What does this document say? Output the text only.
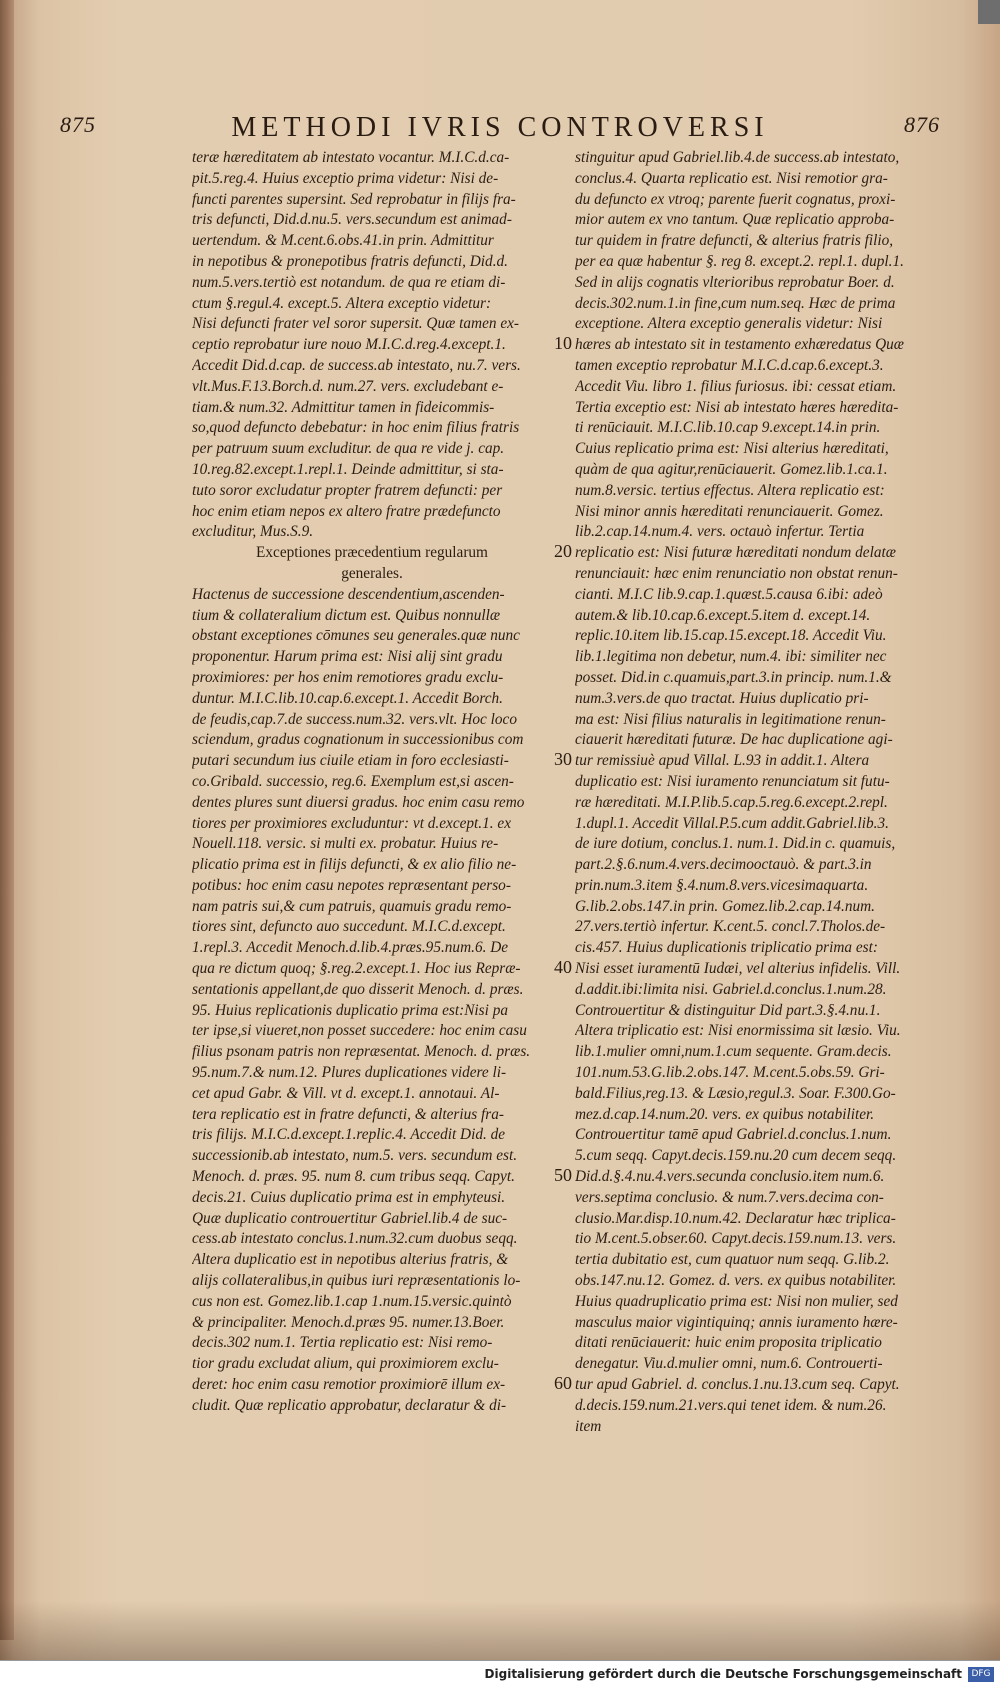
875	METHODI IVRIS CONTROVERSI	876
teræ hæreditatem ab intestato vocantur. M.I.C.d.ca-
pit.5.reg.4. Huius exceptio prima videtur: Nisi de-
functi parentes supersint. Sed reprobatur in filijs fra-
tris defuncti, Did.d.nu.5. vers.secundum est animad-
uertendum. & M.cent.6.obs.41.in prin. Admittitur
in nepotibus & pronepotibus fratris defuncti, Did.d.
num.5.vers.tertiò est notandum. de qua re etiam di-
ctum §.regul.4. except.5. Altera exceptio videtur:
Nisi defuncti frater vel soror supersit. Quæ tamen ex-
ceptio reprobatur iure nouo M.I.C.d.reg.4.except.1.
Accedit Did.d.cap. de success.ab intestato, nu.7. vers.
vlt.Mus.F.13.Borch.d. num.27. vers. excludebant e-
tiam.& num.32. Admittitur tamen in fideicommis-
so,quod defuncto debebatur: in hoc enim filius fratris
per patruum suum excluditur. de qua re vide j. cap.
10.reg.82.except.1.repl.1. Deinde admittitur, si sta-
tuto soror excludatur propter fratrem defuncti: per
hoc enim etiam nepos ex altero fratre prædefuncto
excluditur, Mus.S.9.
Exceptiones præcedentium regularum
generales.
Hactenus de successione descendentium,ascenden-
tium & collateralium dictum est. Quibus nonnullæ
obstant exceptiones cōmunes seu generales.quæ nunc
proponentur. Harum prima est: Nisi alij sint gradu
proximiores: per hos enim remotiores gradu exclu-
duntur. M.I.C.lib.10.cap.6.except.1. Accedit Borch.
de feudis,cap.7.de success.num.32. vers.vlt. Hoc loco
sciendum, gradus cognationum in successionibus com
putari secundum ius ciuile etiam in foro ecclesiasti-
co.Gribald. successio, reg.6. Exemplum est,si ascen-
dentes plures sunt diuersi gradus. hoc enim casu remo
tiores per proximiores excluduntur: vt d.except.1. ex
Nouell.118. versic. si multi ex. probatur. Huius re-
plicatio prima est in filijs defuncti, & ex alio filio ne-
potibus: hoc enim casu nepotes repræsentant perso-
nam patris sui,& cum patruis, quamuis gradu remo-
tiores sint, defuncto auo succedunt. M.I.C.d.except.
1.repl.3. Accedit Menoch.d.lib.4.præs.95.num.6. De
qua re dictum quoq; §.reg.2.except.1. Hoc ius Repræ-
sentationis appellant,de quo disserit Menoch. d. præs.
95. Huius replicationis duplicatio prima est:Nisi pa
ter ipse,si viueret,non posset succedere: hoc enim casu
filius psonam patris non repræsentat. Menoch. d. præs.
95.num.7.& num.12. Plures duplicationes videre li-
cet apud Gabr. & Vill. vt d. except.1. annotaui. Al-
tera replicatio est in fratre defuncti, & alterius fra-
tris filijs. M.I.C.d.except.1.replic.4. Accedit Did. de
successionib.ab intestato, num.5. vers. secundum est.
Menoch. d. præs. 95. num 8. cum tribus seqq. Capyt.
decis.21. Cuius duplicatio prima est in emphyteusi.
Quæ duplicatio controuertitur Gabriel.lib.4 de suc-
cess.ab intestato conclus.1.num.32.cum duobus seqq.
Altera duplicatio est in nepotibus alterius fratris, &
alijs collateralibus,in quibus iuri repræsentationis lo-
cus non est. Gomez.lib.1.cap 1.num.15.versic.quintò
& principaliter. Menoch.d.præs 95. numer.13.Boer.
decis.302 num.1. Tertia replicatio est: Nisi remo-
tior gradu excludat alium, qui proximiorem exclu-
deret: hoc enim casu remotior proximiorē illum ex-
cludit. Quæ replicatio approbatur, declaratur & di-
10
20
30
40
50
60
stinguitur apud Gabriel.lib.4.de success.ab intestato,
conclus.4. Quarta replicatio est. Nisi remotior gra-
du defuncto ex vtroq; parente fuerit cognatus, proxi-
mior autem ex vno tantum. Quæ replicatio approba-
tur quidem in fratre defuncti, & alterius fratris filio,
per ea quæ habentur §. reg 8. except.2. repl.1. dupl.1.
Sed in alijs cognatis vlterioribus reprobatur Boer. d.
decis.302.num.1.in fine,cum num.seq. Hæc de prima
exceptione. Altera exceptio generalis videtur: Nisi
hæres ab intestato sit in testamento exhæredatus Quæ
tamen exceptio reprobatur M.I.C.d.cap.6.except.3.
Accedit Viu. libro 1. filius furiosus. ibi: cessat etiam.
Tertia exceptio est: Nisi ab intestato hæres hæredita-
ti renūciauit. M.I.C.lib.10.cap 9.except.14.in prin.
Cuius replicatio prima est: Nisi alterius hæreditati,
quàm de qua agitur,renūciauerit. Gomez.lib.1.ca.1.
num.8.versic. tertius effectus. Altera replicatio est:
Nisi minor annis hæreditati renunciauerit. Gomez.
lib.2.cap.14.num.4. vers. octauò infertur. Tertia
replicatio est: Nisi futuræ hæreditati nondum delatæ
renunciauit: hæc enim renunciatio non obstat renun-
cianti. M.I.C lib.9.cap.1.quæst.5.causa 6.ibi: adeò
autem.& lib.10.cap.6.except.5.item d. except.14.
replic.10.item lib.15.cap.15.except.18. Accedit Viu.
lib.1.legitima non debetur, num.4. ibi: similiter nec
posset. Did.in c.quamuis,part.3.in princip. num.1.&
num.3.vers.de quo tractat. Huius duplicatio pri-
ma est: Nisi filius naturalis in legitimatione renun-
ciauerit hæreditati futuræ. De hac duplicatione agi-
tur remissiuè apud Villal. L.93 in addit.1. Altera
duplicatio est: Nisi iuramento renunciatum sit futu-
ræ hæreditati. M.I.P.lib.5.cap.5.reg.6.except.2.repl.
1.dupl.1. Accedit Villal.P.5.cum addit.Gabriel.lib.3.
de iure dotium, conclus.1. num.1. Did.in c. quamuis,
part.2.§.6.num.4.vers.decimooctauò. & part.3.in
prin.num.3.item §.4.num.8.vers.vicesimaquarta.
G.lib.2.obs.147.in prin. Gomez.lib.2.cap.14.num.
27.vers.tertiò infertur. K.cent.5. concl.7.Tholos.de-
cis.457. Huius duplicationis triplicatio prima est:
Nisi esset iuramentū Iudæi, vel alterius infidelis. Vill.
d.addit.ibi:limita nisi. Gabriel.d.conclus.1.num.28.
Controuertitur & distinguitur Did part.3.§.4.nu.1.
Altera triplicatio est: Nisi enormissima sit læsio. Viu.
lib.1.mulier omni,num.1.cum sequente. Gram.decis.
101.num.53.G.lib.2.obs.147. M.cent.5.obs.59. Gri-
bald.Filius,reg.13. & Læsio,regul.3. Soar. F.300.Go-
mez.d.cap.14.num.20. vers. ex quibus notabiliter.
Controuertitur tamē apud Gabriel.d.conclus.1.num.
5.cum seqq. Capyt.decis.159.nu.20 cum decem seqq.
Did.d.§.4.nu.4.vers.secunda conclusio.item num.6.
vers.septima conclusio. & num.7.vers.decima con-
clusio.Mar.disp.10.num.42. Declaratur hæc triplica-
tio M.cent.5.obser.60. Capyt.decis.159.num.13. vers.
tertia dubitatio est, cum quatuor num seqq. G.lib.2.
obs.147.nu.12. Gomez. d. vers. ex quibus notabiliter.
Huius quadruplicatio prima est: Nisi non mulier, sed
masculus maior vigintiquinq; annis iuramento hære-
ditati renūciauerit: huic enim proposita triplicatio
denegatur. Viu.d.mulier omni, num.6. Controuerti-
tur apud Gabriel. d. conclus.1.nu.13.cum seq. Capyt.
d.decis.159.num.21.vers.qui tenet idem. & num.26.
item
Digitalisierung gefördert durch die Deutsche Forschungsgemeinschaft	DFG
